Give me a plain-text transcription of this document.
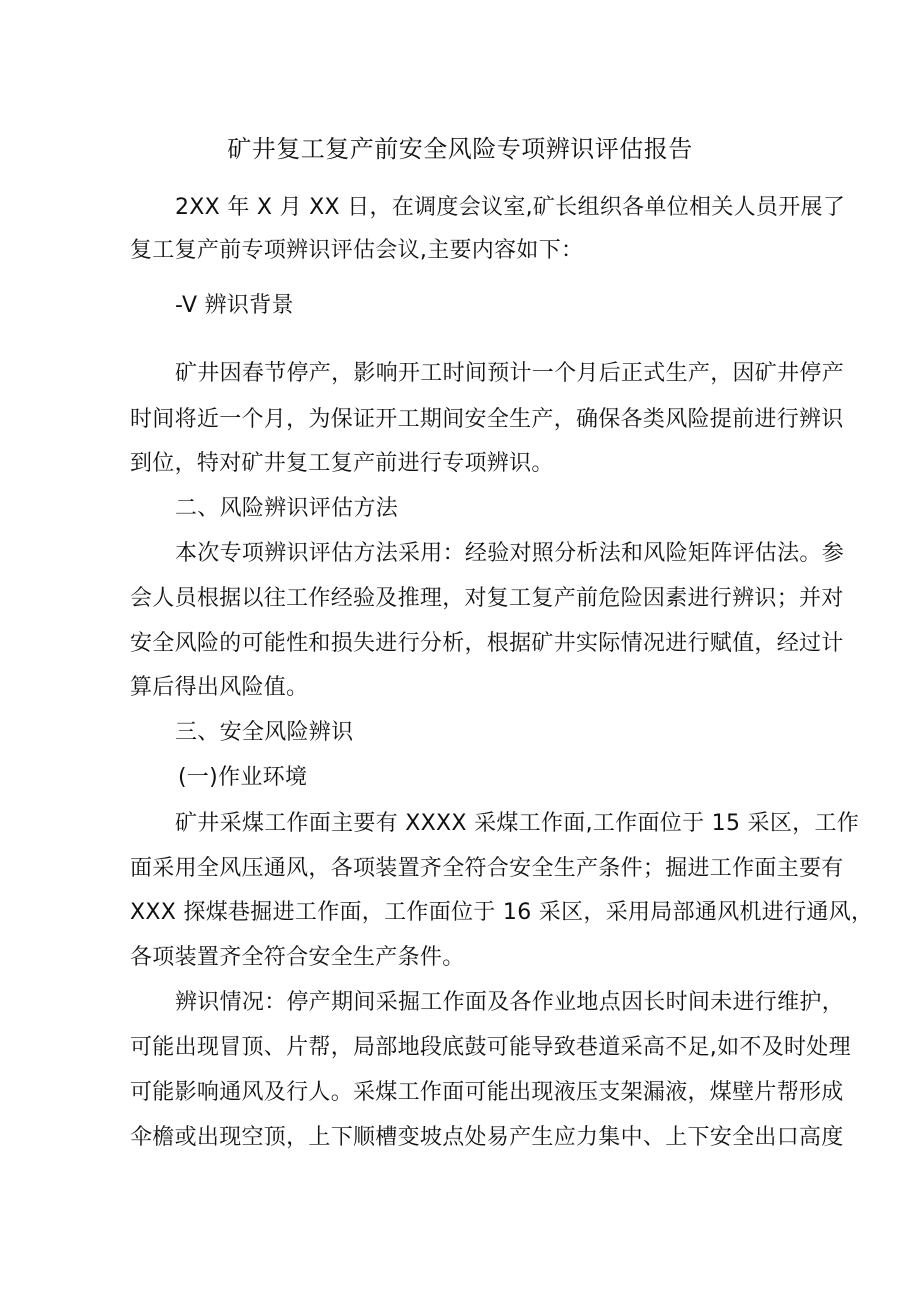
矿井复工复产前安全风险专项辨识评估报告
2XX 年 X 月 XX 日，在调度会议室,矿长组织各单位相关人员开展了
复工复产前专项辨识评估会议,主要内容如下：
-V 辨识背景
矿井因春节停产，影响开工时间预计一个月后正式生产，因矿井停产
时间将近一个月，为保证开工期间安全生产，确保各类风险提前进行辨识
到位，特对矿井复工复产前进行专项辨识。
二、风险辨识评估方法
本次专项辨识评估方法采用：经验对照分析法和风险矩阵评估法。参
会人员根据以往工作经验及推理，对复工复产前危险因素进行辨识；并对
安全风险的可能性和损失进行分析，根据矿井实际情况进行赋值，经过计
算后得出风险值。
三、安全风险辨识
(一)作业环境
矿井采煤工作面主要有 XXXX 采煤工作面,工作面位于 15 采区，工作
面采用全风压通风，各项装置齐全符合安全生产条件；掘进工作面主要有
XXX 探煤巷掘进工作面，工作面位于 16 采区，采用局部通风机进行通风，
各项装置齐全符合安全生产条件。
辨识情况：停产期间采掘工作面及各作业地点因长时间未进行维护，
可能出现冒顶、片帮，局部地段底鼓可能导致巷道采高不足,如不及时处理
可能影响通风及行人。采煤工作面可能出现液压支架漏液，煤壁片帮形成
伞檐或出现空顶，上下顺槽变坡点处易产生应力集中、上下安全出口高度
